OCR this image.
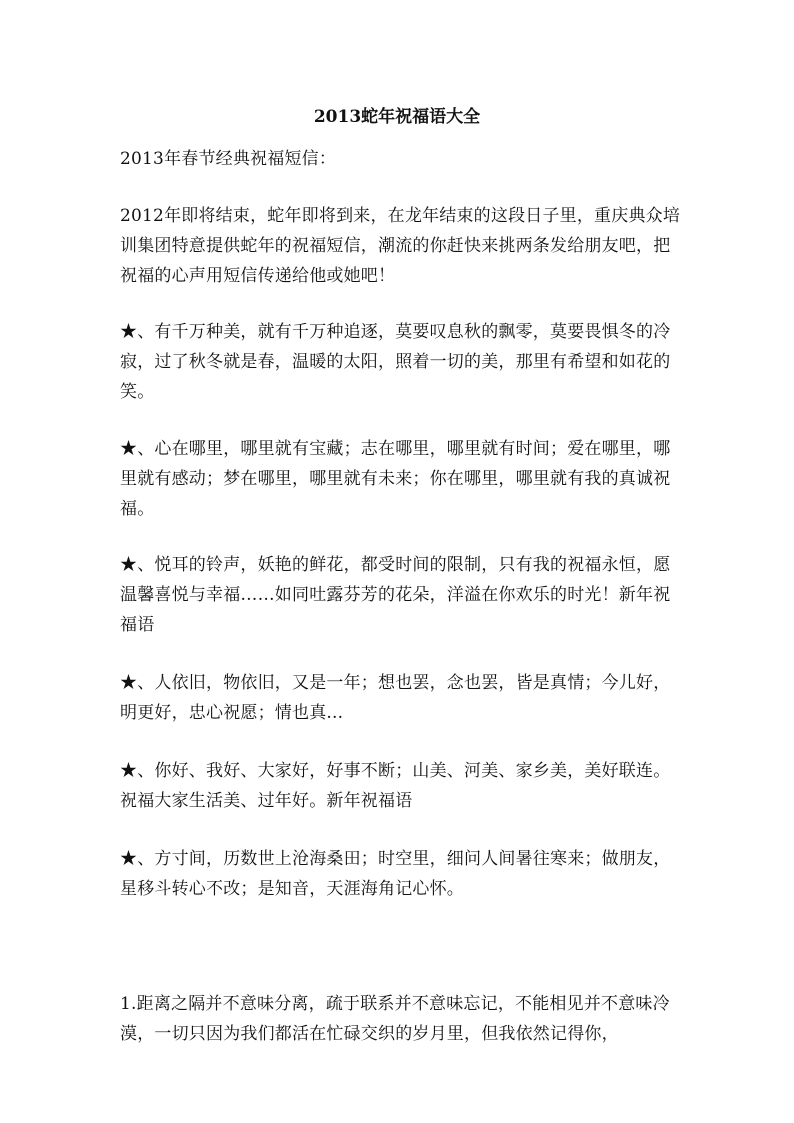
2013蛇年祝福语大全

2013年春节经典祝福短信：

2012年即将结束，蛇年即将到来，在龙年结束的这段日子里，重庆典众培训集团特意提供蛇年的祝福短信，潮流的你赶快来挑两条发给朋友吧，把祝福的心声用短信传递给他或她吧！

★、有千万种美，就有千万种追逐，莫要叹息秋的飘零，莫要畏惧冬的冷寂，过了秋冬就是春，温暖的太阳，照着一切的美，那里有希望和如花的笑。

★、心在哪里，哪里就有宝藏；志在哪里，哪里就有时间；爱在哪里，哪里就有感动；梦在哪里，哪里就有未来；你在哪里，哪里就有我的真诚祝福。

★、悦耳的铃声，妖艳的鲜花，都受时间的限制，只有我的祝福永恒，愿温馨喜悦与幸福……如同吐露芬芳的花朵，洋溢在你欢乐的时光！新年祝福语

★、人依旧，物依旧，又是一年；想也罢，念也罢，皆是真情；今儿好，明更好，忠心祝愿；情也真...

★、你好、我好、大家好，好事不断；山美、河美、家乡美，美好联连。祝福大家生活美、过年好。新年祝福语

★、方寸间，历数世上沧海桑田；时空里，细问人间暑往寒来；做朋友，星移斗转心不改；是知音，天涯海角记心怀。

1.距离之隔并不意味分离，疏于联系并不意味忘记，不能相见并不意味冷漠，一切只因为我们都活在忙碌交织的岁月里，但我依然记得你，
